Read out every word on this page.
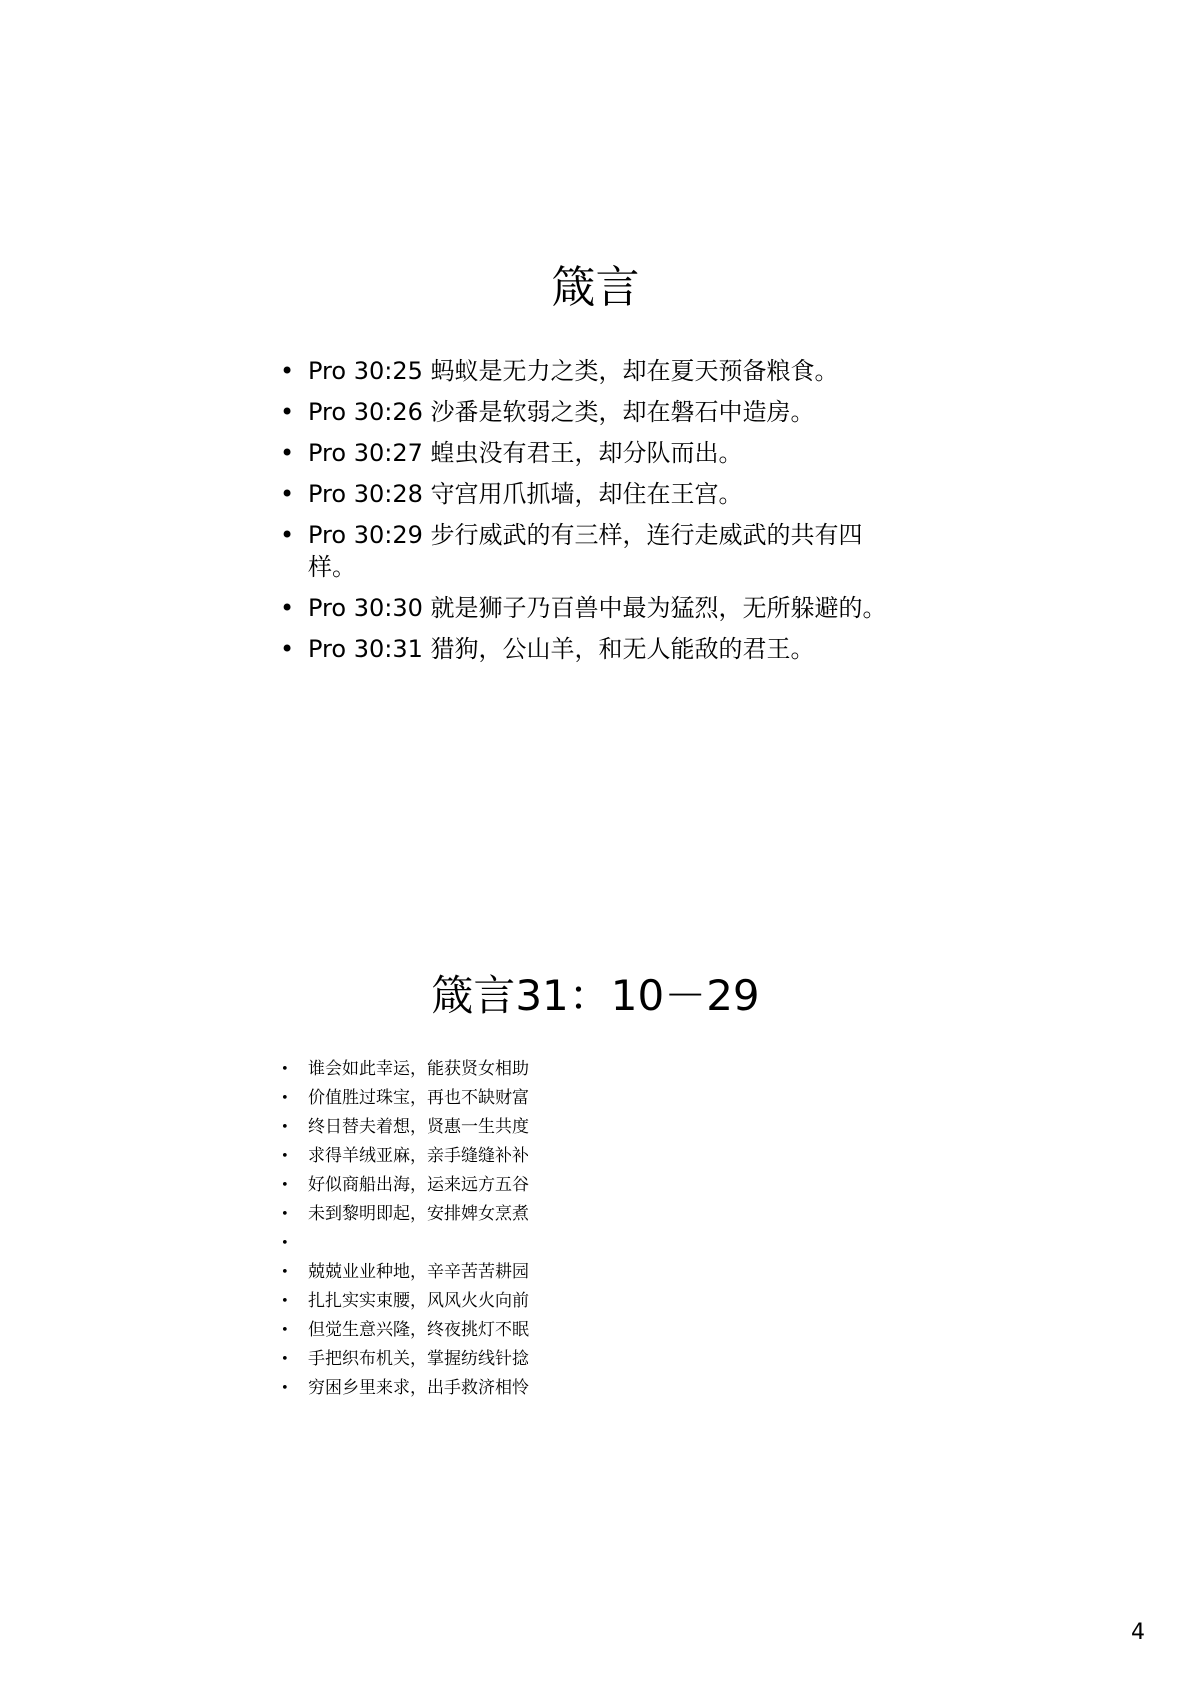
箴言
• Pro 30:25 蚂蚁是无力之类，却在夏天预备粮食。
• Pro 30:26 沙番是软弱之类，却在磐石中造房。
• Pro 30:27 蝗虫没有君王，却分队而出。
• Pro 30:28 守宫用爪抓墙，却住在王宫。
• Pro 30:29 步行威武的有三样，连行走威武的共有四样。
• Pro 30:30 就是狮子乃百兽中最为猛烈，无所躲避的。
• Pro 30:31 猎狗，公山羊，和无人能敌的君王。
箴言31：10－29
• 谁会如此幸运，能获贤女相助
• 价值胜过珠宝，再也不缺财富
• 终日替夫着想，贤惠一生共度
• 求得羊绒亚麻，亲手缝缝补补
• 好似商船出海，运来远方五谷
• 未到黎明即起，安排婢女烹煮
•
• 兢兢业业种地，辛辛苦苦耕园
• 扎扎实实束腰，风风火火向前
• 但觉生意兴隆，终夜挑灯不眠
• 手把织布机关，掌握纺线针捻
• 穷困乡里来求，出手救济相怜
4
